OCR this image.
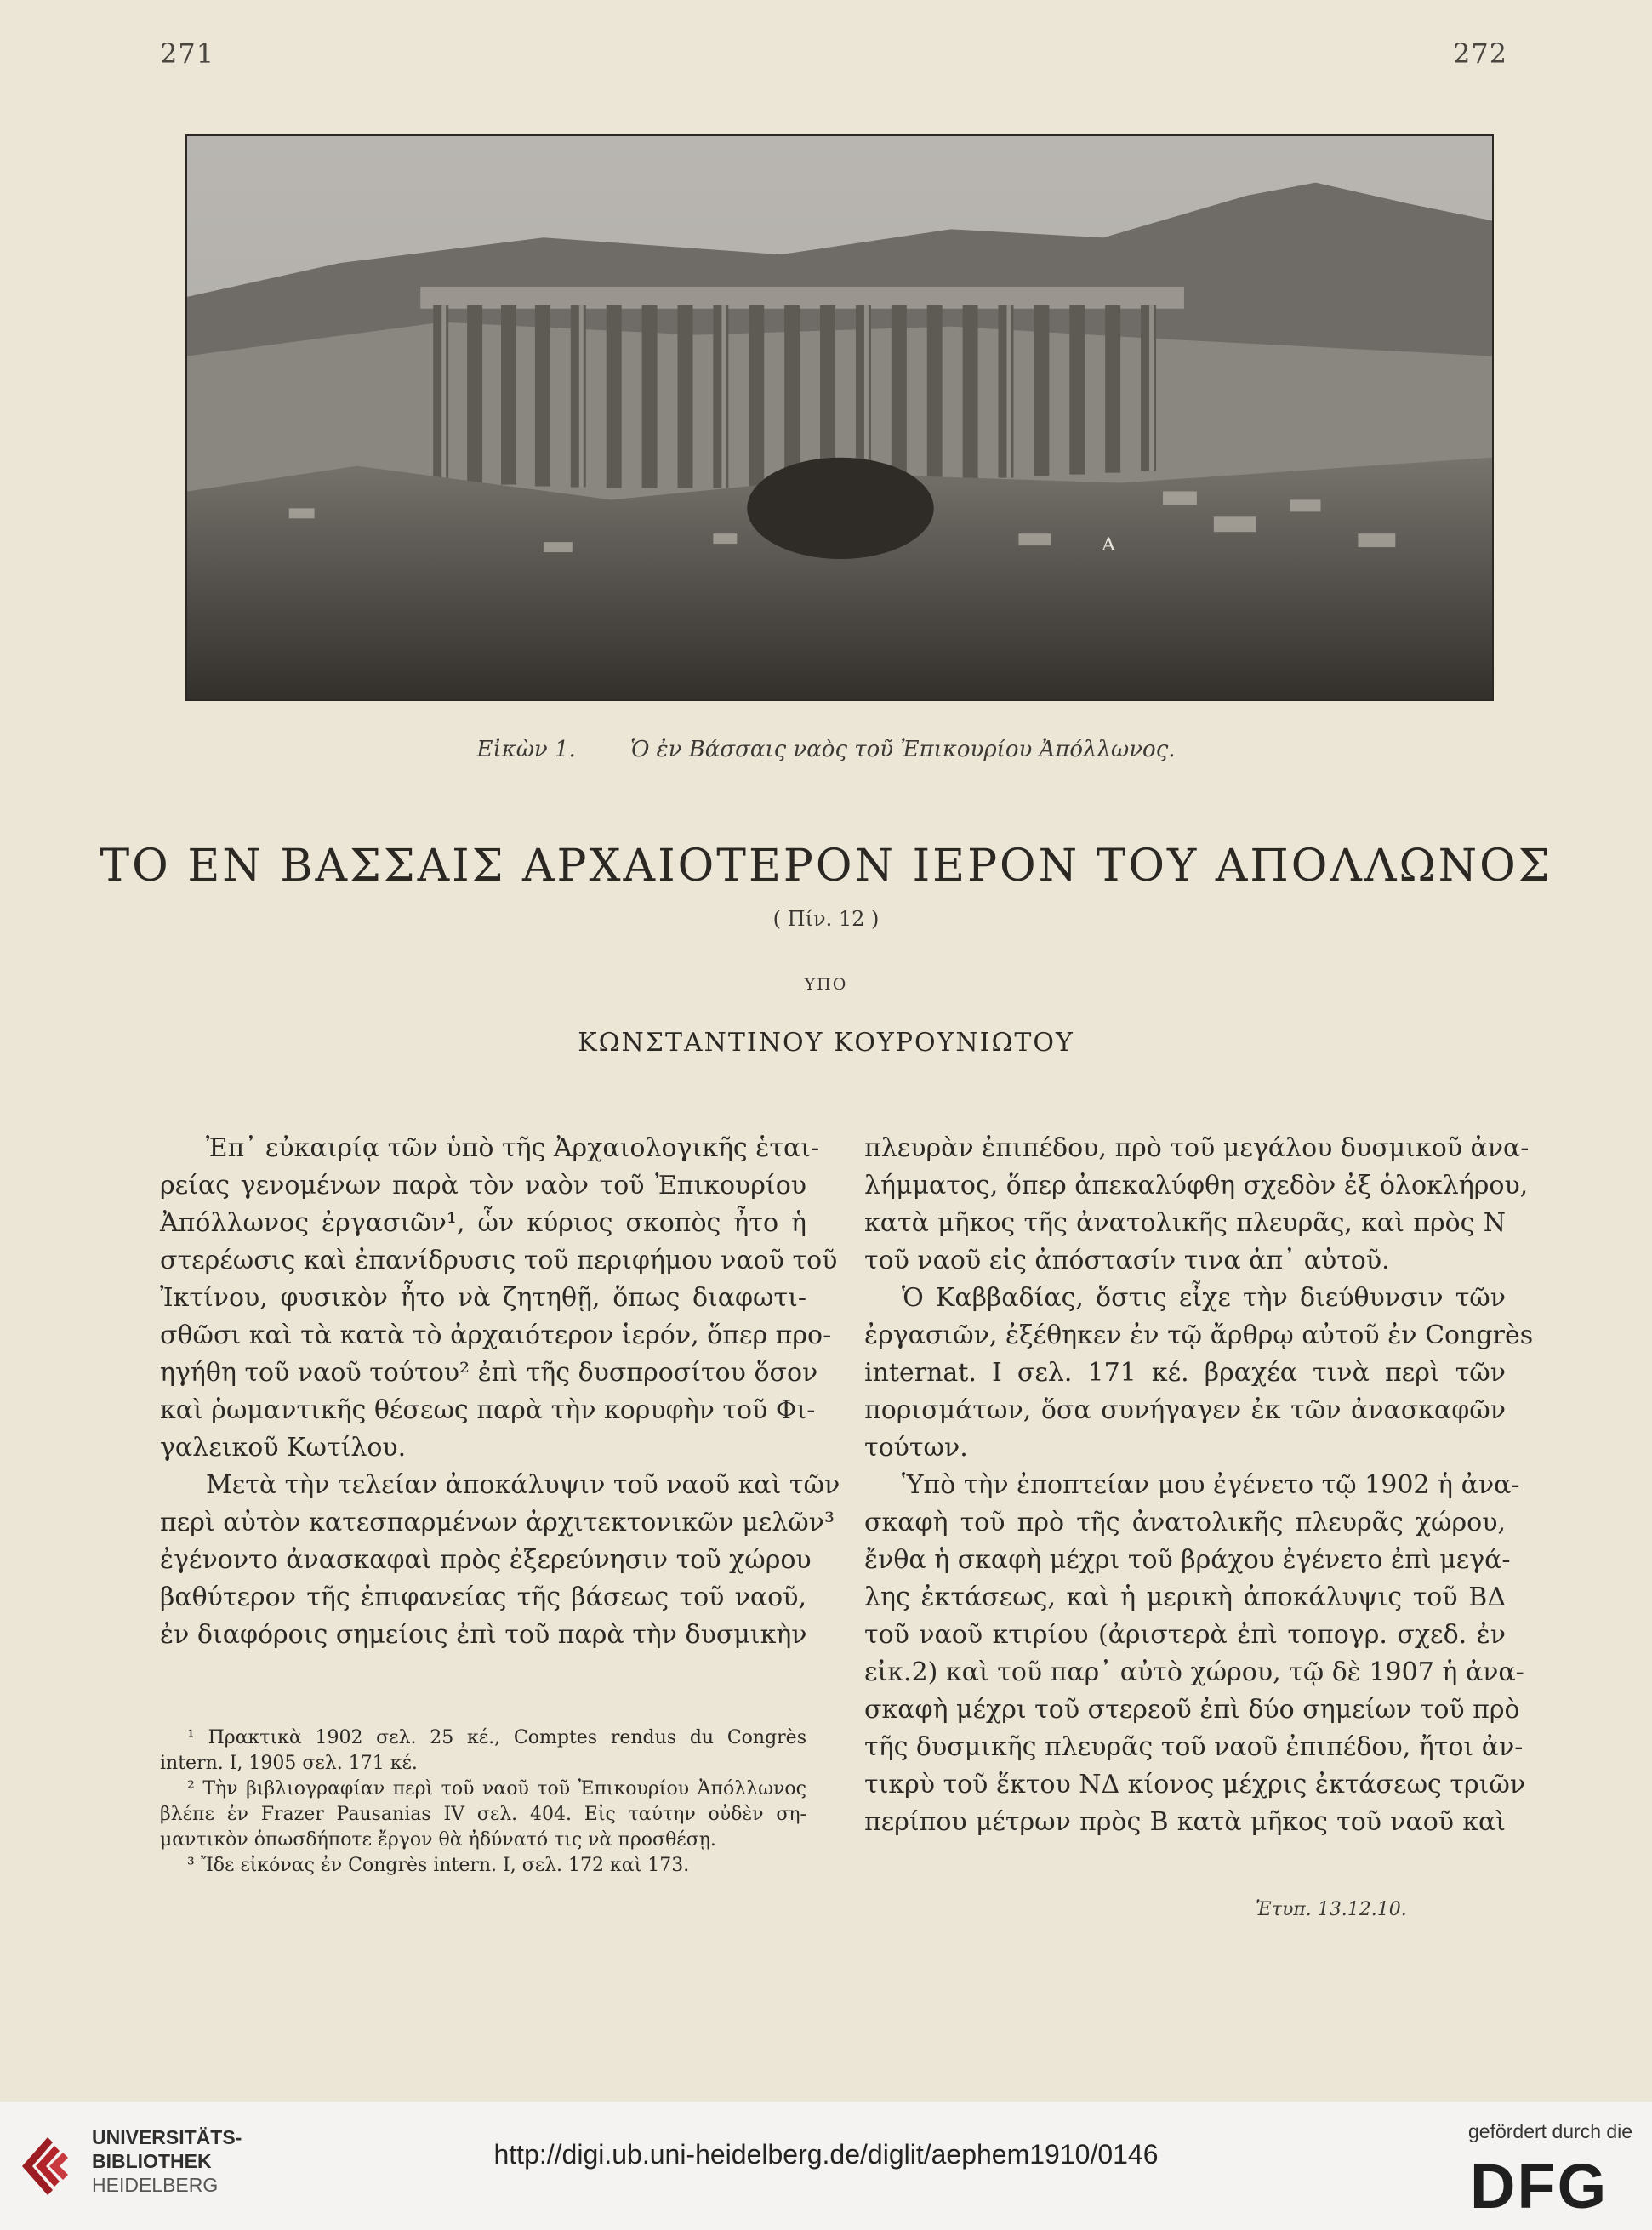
271	272
Α
Εἰκὼν 1. Ὁ ἐν Βάσσαις ναὸς τοῦ Ἐπικουρίου Ἀπόλλωνος.
ΤΟ ΕΝ ΒΑΣΣΑΙΣ ΑΡΧΑΙΟΤΕΡΟΝ ΙΕΡΟΝ ΤΟΥ ΑΠΟΛΛΩΝΟΣ
( Πίν. 12 )
ΥΠΟ
ΚΩΝΣΤΑΝΤΙΝΟΥ ΚΟΥΡΟΥΝΙΩΤΟΥ
Ἐπ᾽ εὐκαιρίᾳ τῶν ὑπὸ τῆς Ἀρχαιολογικῆς ἑται-
ρείας γενομένων παρὰ τὸν ναὸν τοῦ Ἐπικουρίου
Ἀπόλλωνος ἐργασιῶν¹, ὧν κύριος σκοπὸς ἦτο ἡ
στερέωσις καὶ ἐπανίδρυσις τοῦ περιφήμου ναοῦ τοῦ
Ἰκτίνου, φυσικὸν ἦτο νὰ ζητηθῇ, ὅπως διαφωτι-
σθῶσι καὶ τὰ κατὰ τὸ ἀρχαιότερον ἱερόν, ὅπερ προ-
ηγήθη τοῦ ναοῦ τούτου² ἐπὶ τῆς δυσπροσίτου ὅσον
καὶ ῥωμαντικῆς θέσεως παρὰ τὴν κορυφὴν τοῦ Φι-
γαλεικοῦ Κωτίλου.
Μετὰ τὴν τελείαν ἀποκάλυψιν τοῦ ναοῦ καὶ τῶν
περὶ αὐτὸν κατεσπαρμένων ἀρχιτεκτονικῶν μελῶν³
ἐγένοντο ἀνασκαφαὶ πρὸς ἐξερεύνησιν τοῦ χώρου
βαθύτερον τῆς ἐπιφανείας τῆς βάσεως τοῦ ναοῦ,
ἐν διαφόροις σημείοις ἐπὶ τοῦ παρὰ τὴν δυσμικὴν
πλευρὰν ἐπιπέδου, πρὸ τοῦ μεγάλου δυσμικοῦ ἀνα-
λήμματος, ὅπερ ἀπεκαλύφθη σχεδὸν ἐξ ὁλοκλήρου,
κατὰ μῆκος τῆς ἀνατολικῆς πλευρᾶς, καὶ πρὸς Ν
τοῦ ναοῦ εἰς ἀπόστασίν τινα ἀπ᾽ αὐτοῦ.
Ὁ Καββαδίας, ὅστις εἶχε τὴν διεύθυνσιν τῶν
ἐργασιῶν, ἐξέθηκεν ἐν τῷ ἄρθρῳ αὐτοῦ ἐν Congrès
internat. I σελ. 171 κέ. βραχέα τινὰ περὶ τῶν
πορισμάτων, ὅσα συνήγαγεν ἐκ τῶν ἀνασκαφῶν
τούτων.
Ὑπὸ τὴν ἐποπτείαν μου ἐγένετο τῷ 1902 ἡ ἀνα-
σκαφὴ τοῦ πρὸ τῆς ἀνατολικῆς πλευρᾶς χώρου,
ἔνθα ἡ σκαφὴ μέχρι τοῦ βράχου ἐγένετο ἐπὶ μεγά-
λης ἐκτάσεως, καὶ ἡ μερικὴ ἀποκάλυψις τοῦ ΒΔ
τοῦ ναοῦ κτιρίου (ἀριστερὰ ἐπὶ τοπογρ. σχεδ. ἐν
εἰκ.2) καὶ τοῦ παρ᾽ αὐτὸ χώρου, τῷ δὲ 1907 ἡ ἀνα-
σκαφὴ μέχρι τοῦ στερεοῦ ἐπὶ δύο σημείων τοῦ πρὸ
τῆς δυσμικῆς πλευρᾶς τοῦ ναοῦ ἐπιπέδου, ἤτοι ἀν-
τικρὺ τοῦ ἕκτου ΝΔ κίονος μέχρις ἐκτάσεως τριῶν
περίπου μέτρων πρὸς Β κατὰ μῆκος τοῦ ναοῦ καὶ
¹ Πρακτικὰ 1902 σελ. 25 κέ., Comptes rendus du Congrès
intern. I, 1905 σελ. 171 κέ.
² Τὴν βιβλιογραφίαν περὶ τοῦ ναοῦ τοῦ Ἐπικουρίου Ἀπόλλωνος
βλέπε ἐν Frazer Pausanias IV σελ. 404. Εἰς ταύτην οὐδὲν ση-
μαντικὸν ὁπωσδήποτε ἔργον θὰ ἠδύνατό τις νὰ προσθέσῃ.
³ Ἴδε εἰκόνας ἐν Congrès intern. I, σελ. 172 καὶ 173.
Ἐτυπ. 13.12.10.
UNIVERSITÄTS-
BIBLIOTHEK
HEIDELBERG
http://digi.ub.uni-heidelberg.de/diglit/aephem1910/0146
gefördert durch die
DFG
